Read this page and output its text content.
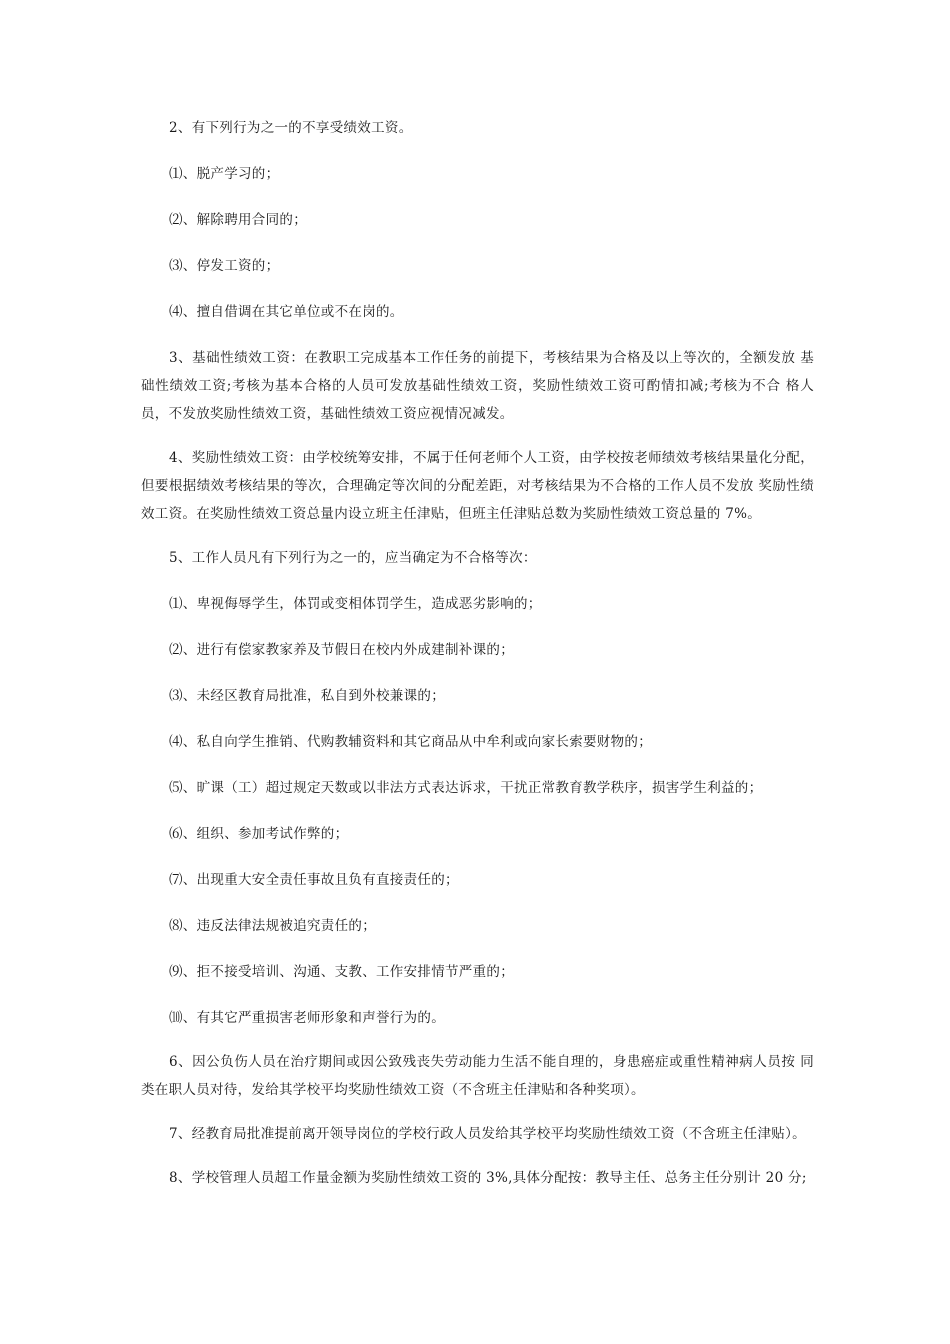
2、有下列行为之一的不享受绩效工资。

⑴、脱产学习的；

⑵、解除聘用合同的；

⑶、停发工资的；

⑷、擅自借调在其它单位或不在岗的。

3、基础性绩效工资：在教职工完成基本工作任务的前提下，考核结果为合格及以上等次的，全额发放 基础性绩效工资;考核为基本合格的人员可发放基础性绩效工资，奖励性绩效工资可酌情扣减;考核为不合 格人员，不发放奖励性绩效工资，基础性绩效工资应视情况减发。

4、奖励性绩效工资：由学校统筹安排，不属于任何老师个人工资，由学校按老师绩效考核结果量化分配，但要根据绩效考核结果的等次，合理确定等次间的分配差距，对考核结果为不合格的工作人员不发放 奖励性绩效工资。在奖励性绩效工资总量内设立班主任津贴，但班主任津贴总数为奖励性绩效工资总量的 7%。

5、工作人员凡有下列行为之一的，应当确定为不合格等次：

⑴、卑视侮辱学生，体罚或变相体罚学生，造成恶劣影响的；

⑵、进行有偿家教家养及节假日在校内外成建制补课的；

⑶、未经区教育局批准，私自到外校兼课的；

⑷、私自向学生推销、代购教辅资料和其它商品从中牟利或向家长索要财物的；

⑸、旷课（工）超过规定天数或以非法方式表达诉求，干扰正常教育教学秩序，损害学生利益的；

⑹、组织、参加考试作弊的；

⑺、出现重大安全责任事故且负有直接责任的；

⑻、违反法律法规被追究责任的；

⑼、拒不接受培训、沟通、支教、工作安排情节严重的；

⑽、有其它严重损害老师形象和声誉行为的。

6、因公负伤人员在治疗期间或因公致残丧失劳动能力生活不能自理的，身患癌症或重性精神病人员按 同类在职人员对待，发给其学校平均奖励性绩效工资（不含班主任津贴和各种奖项）。

7、经教育局批准提前离开领导岗位的学校行政人员发给其学校平均奖励性绩效工资（不含班主任津贴）。

8、学校管理人员超工作量金额为奖励性绩效工资的 3%,具体分配按：教导主任、总务主任分别计 20 分;
